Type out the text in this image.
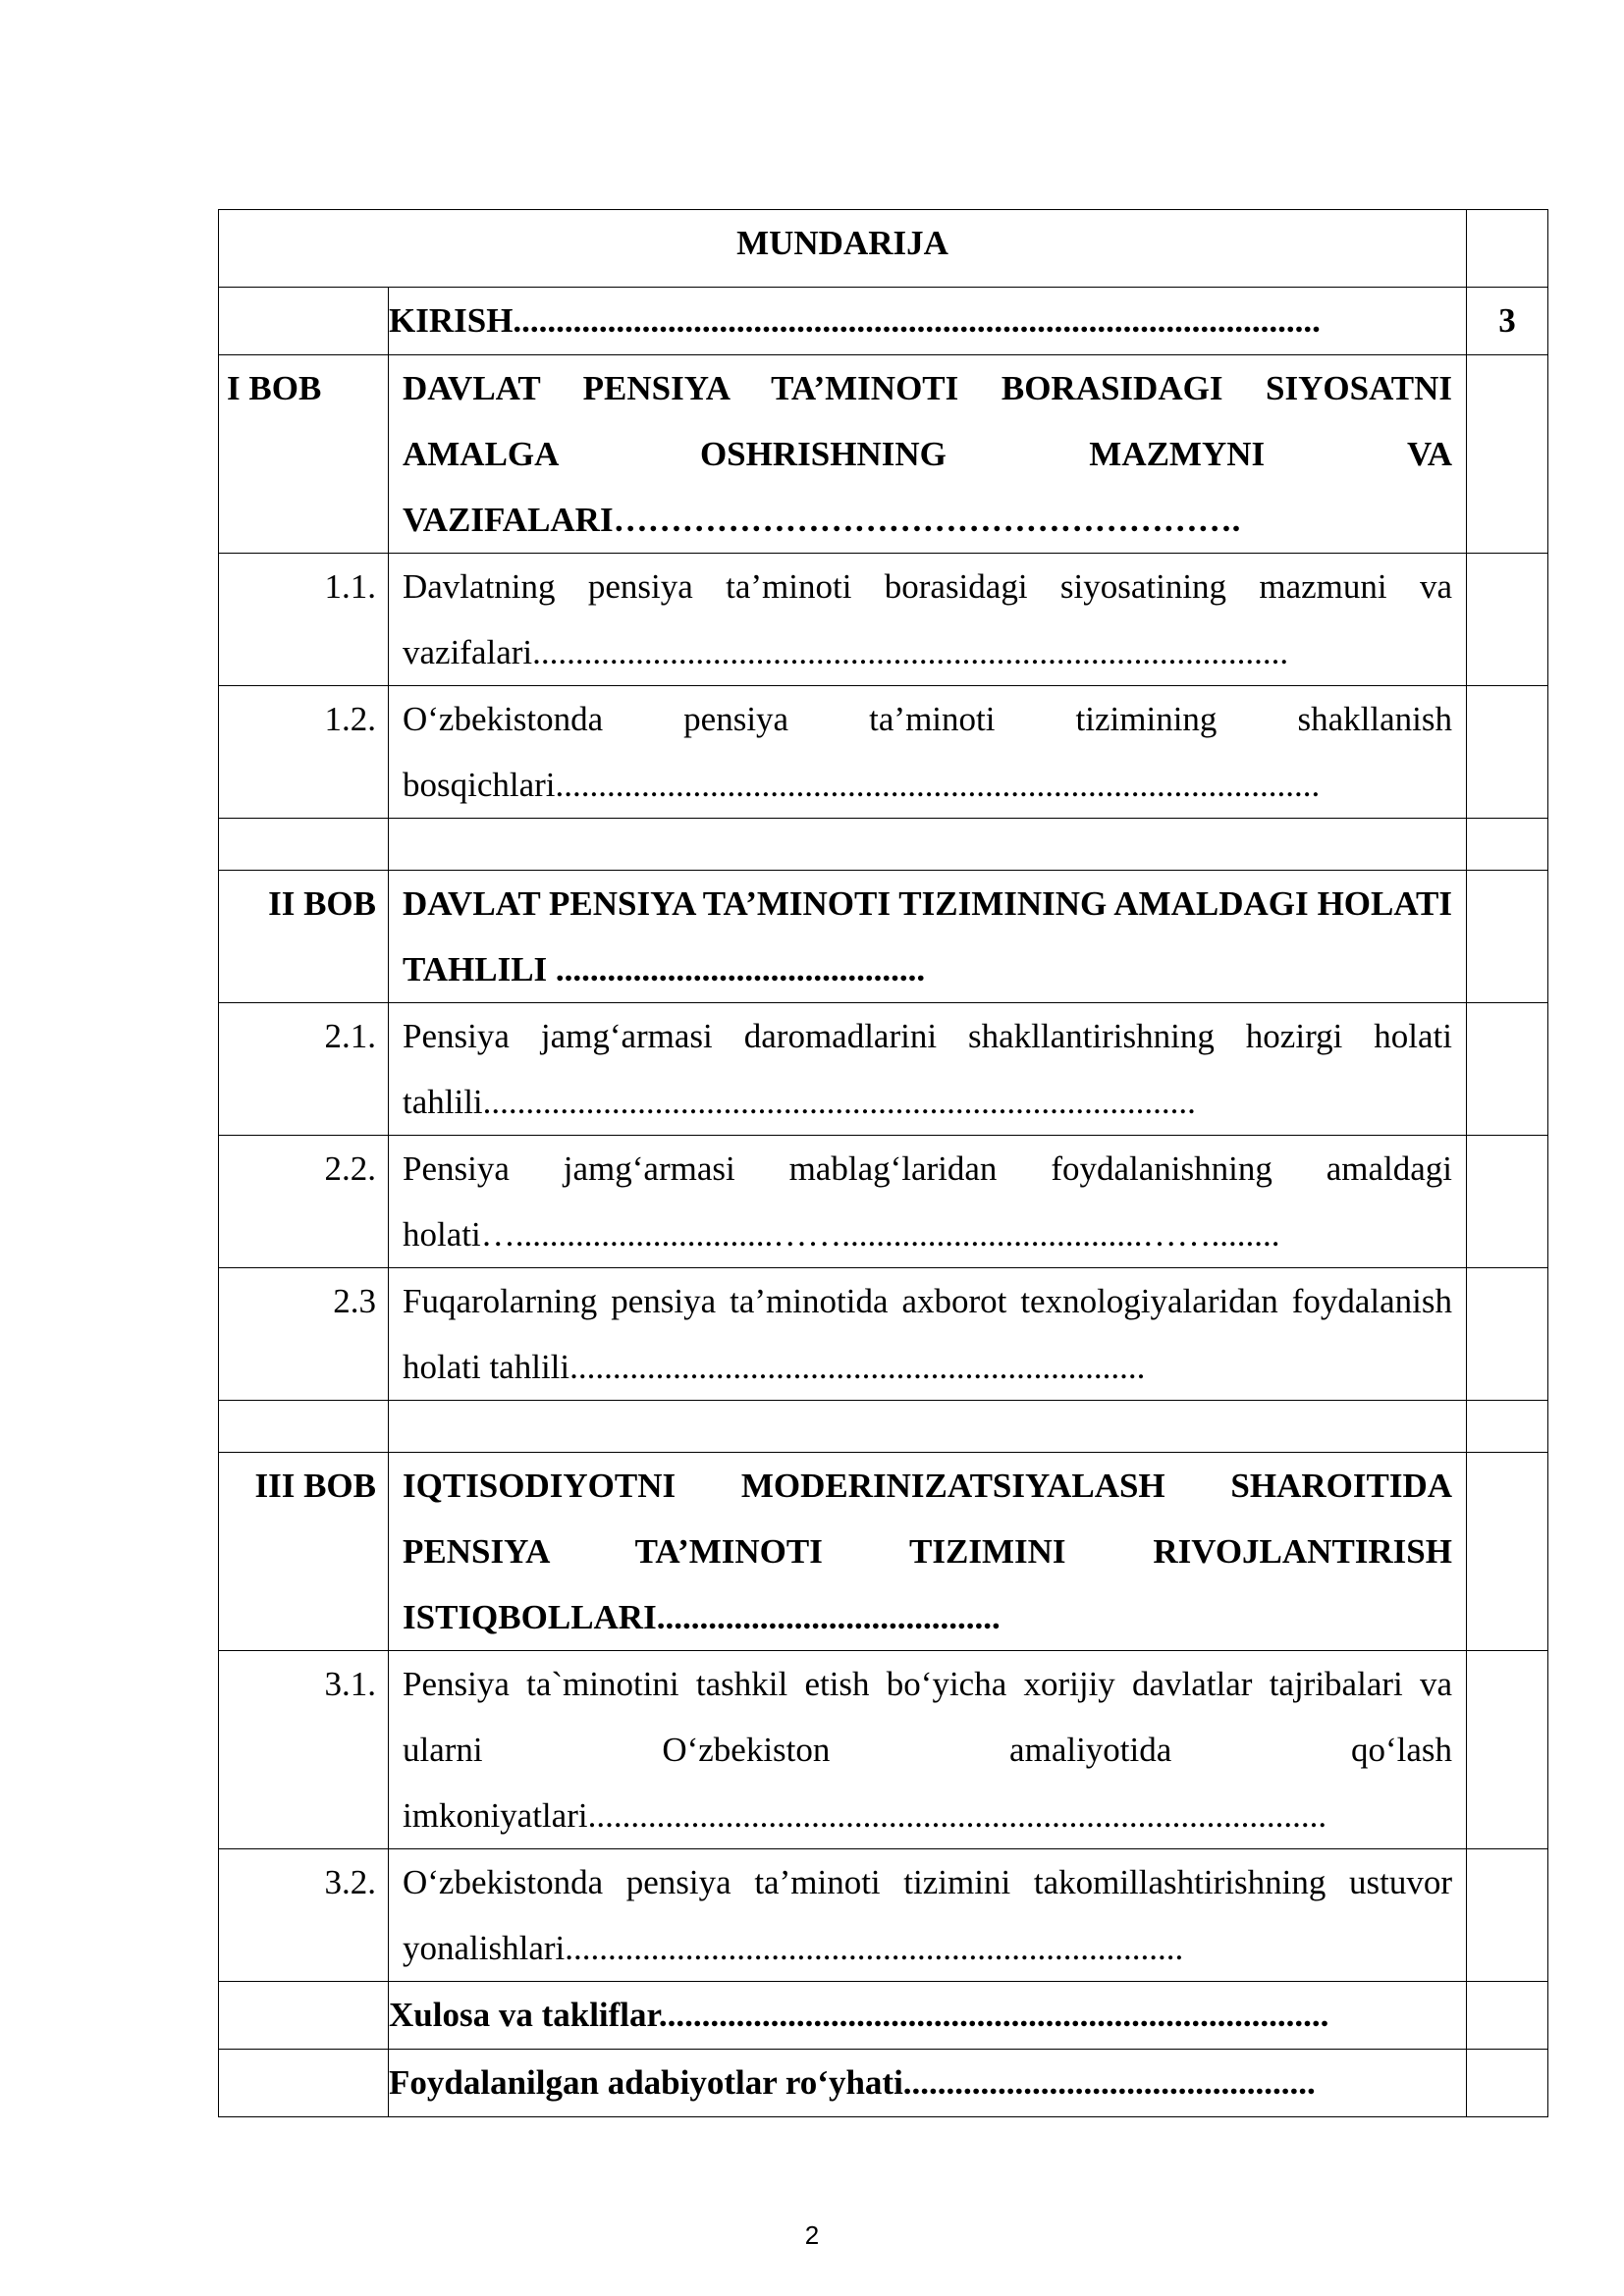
MUNDARIJA		
	KIRISH..............................................................................................	3
I BOB	DAVLAT PENSIYA TA’MINOTI BORASIDAGI SIYOSATNI AMALGA OSHRISHNING MAZMYNI VA VAZIFALARI……………………………………………….	
1.1.	Davlatning pensiya ta’minoti borasidagi siyosatining mazmuni va vazifalari........................................................................................	
1.2.	O‘zbekistonda pensiya ta’minoti tizimining shakllanish bosqichlari.........................................................................................	

II BOB	DAVLAT PENSIYA TA’MINOTI TIZIMINING AMALDAGI HOLATI TAHLILI ...........................................	
2.1.	Pensiya jamg‘armasi daromadlarini shakllantirishning hozirgi holati tahlili...................................................................................	
2.2.	Pensiya jamg‘armasi mablag‘laridan foydalanishning amaldagi holati…..............................……...................................……........	
2.3	Fuqarolarning pensiya ta’minotida axborot texnologiyalaridan foydalanish holati tahlili...................................................................	

III BOB	IQTISODIYOTNI MODERINIZATSIYALASH SHAROITIDA PENSIYA TA’MINOTI TIZIMINI RIVOJLANTIRISH ISTIQBOLLARI........................................	
3.1.	Pensiya ta`minotini tashkil etish bo‘yicha xorijiy davlatlar tajribalari va ularni O‘zbekiston amaliyotida qo‘lash imkoniyatlari......................................................................................	
3.2.	O‘zbekistonda pensiya ta’minoti tizimini takomillashtirishning ustuvor yonalishlari........................................................................	
	Xulosa va takliflar..............................................................................	
	Foydalanilgan adabiyotlar ro‘yhati................................................	
2
